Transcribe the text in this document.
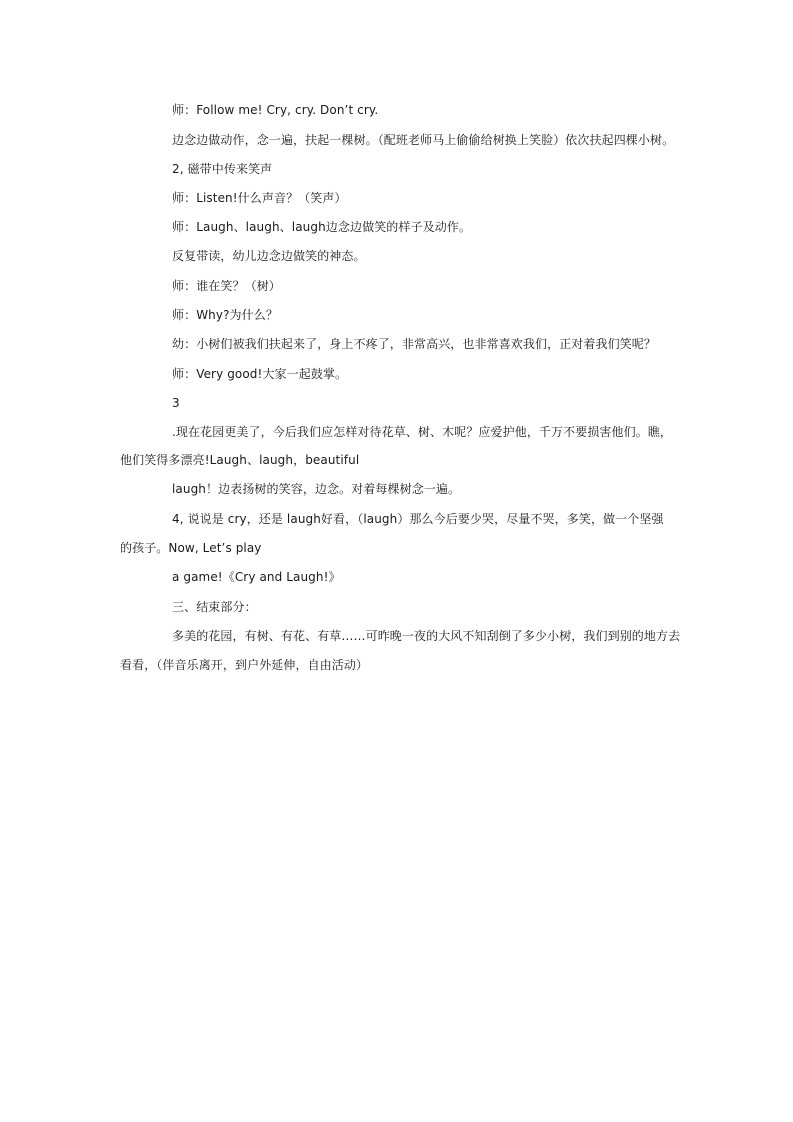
师：Follow me! Cry, cry. Don’t cry.
边念边做动作，念一遍，扶起一棵树。（配班老师马上偷偷给树换上笑脸）依次扶起四棵小树。
2, 磁带中传来笑声
师：Listen!什么声音？（笑声）
师：Laugh、laugh、laugh边念边做笑的样子及动作。
反复带读，幼儿边念边做笑的神态。
师：谁在笑？（树）
师：Why?为什么？
幼：小树们被我们扶起来了，身上不疼了，非常高兴，也非常喜欢我们，正对着我们笑呢？
师：Very good!大家一起鼓掌。
3
.现在花园更美了，今后我们应怎样对待花草、树、木呢？应爱护他，千万不要损害他们。瞧，
他们笑得多漂亮!Laugh、laugh，beautiful
laugh！边表扬树的笑容，边念。对着每棵树念一遍。
4, 说说是 cry，还是 laugh好看，（laugh）那么今后要少哭，尽量不哭，多笑，做一个坚强
的孩子。Now, Let’s play
a game!《Cry and Laugh!》
三、结束部分：
多美的花园，有树、有花、有草……可昨晚一夜的大风不知刮倒了多少小树，我们到别的地方去
看看，（伴音乐离开，到户外延伸，自由活动）
